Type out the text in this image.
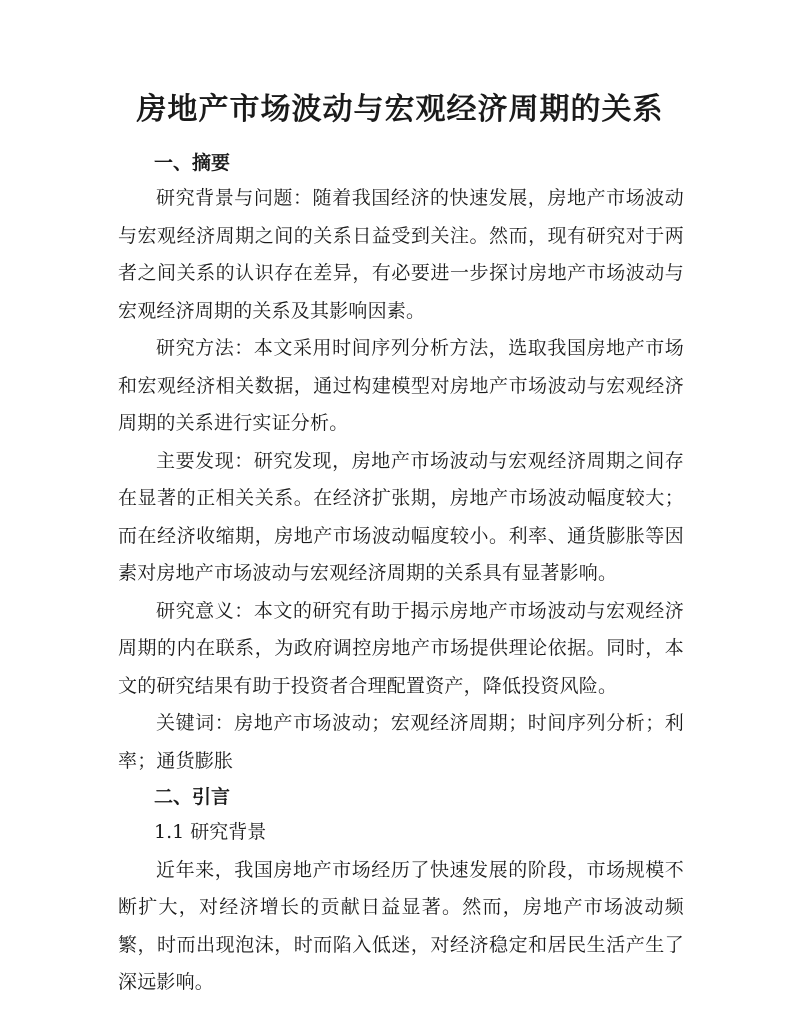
房地产市场波动与宏观经济周期的关系
一、摘要

研究背景与问题：随着我国经济的快速发展，房地产市场波动与宏观经济周期之间的关系日益受到关注。然而，现有研究对于两者之间关系的认识存在差异，有必要进一步探讨房地产市场波动与宏观经济周期的关系及其影响因素。

研究方法：本文采用时间序列分析方法，选取我国房地产市场和宏观经济相关数据，通过构建模型对房地产市场波动与宏观经济周期的关系进行实证分析。

主要发现：研究发现，房地产市场波动与宏观经济周期之间存在显著的正相关关系。在经济扩张期，房地产市场波动幅度较大；而在经济收缩期，房地产市场波动幅度较小。利率、通货膨胀等因素对房地产市场波动与宏观经济周期的关系具有显著影响。

研究意义：本文的研究有助于揭示房地产市场波动与宏观经济周期的内在联系，为政府调控房地产市场提供理论依据。同时，本文的研究结果有助于投资者合理配置资产，降低投资风险。

关键词：房地产市场波动；宏观经济周期；时间序列分析；利率；通货膨胀

二、引言

1.1 研究背景

近年来，我国房地产市场经历了快速发展的阶段，市场规模不断扩大，对经济增长的贡献日益显著。然而，房地产市场波动频繁，时而出现泡沫，时而陷入低迷，对经济稳定和居民生活产生了深远影响。
